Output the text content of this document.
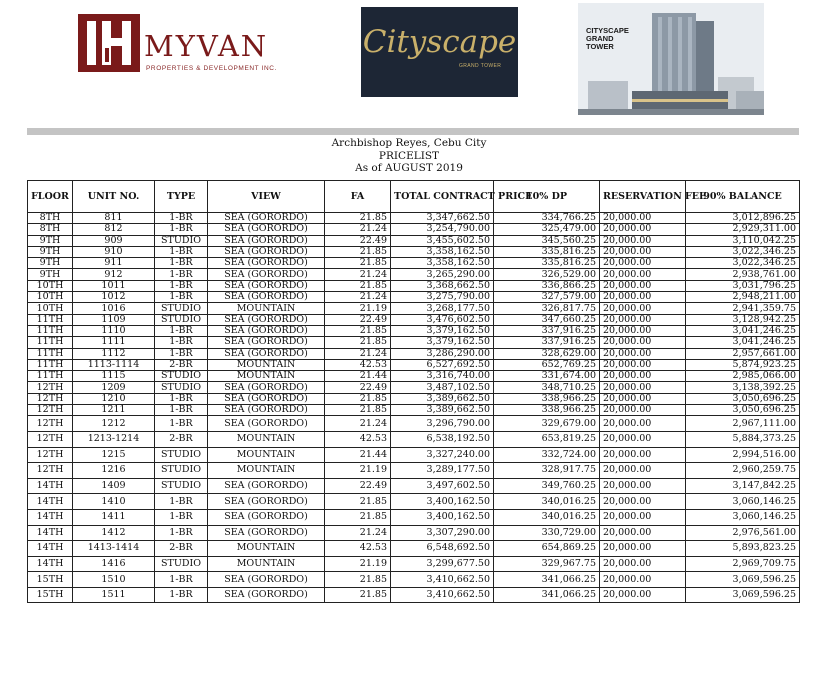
MYVAN
PROPERTIES & DEVELOPMENT INC.
Cityscape
GRAND TOWER
CITYSCAPE
GRAND
TOWER
Archbishop Reyes, Cebu City
PRICELIST
As of AUGUST 2019
FLOOR	UNIT NO.	TYPE	VIEW	FA	TOTAL CONTRACT PRICE	10% DP	RESERVATION FEE	90% BALANCE
8TH	811	1-BR	SEA (GORORDO)	21.85	3,347,662.50	334,766.25	20,000.00	3,012,896.25
8TH	812	1-BR	SEA (GORORDO)	21.24	3,254,790.00	325,479.00	20,000.00	2,929,311.00
9TH	909	STUDIO	SEA (GORORDO)	22.49	3,455,602.50	345,560.25	20,000.00	3,110,042.25
9TH	910	1-BR	SEA (GORORDO)	21.85	3,358,162.50	335,816.25	20,000.00	3,022,346.25
9TH	911	1-BR	SEA (GORORDO)	21.85	3,358,162.50	335,816.25	20,000.00	3,022,346.25
9TH	912	1-BR	SEA (GORORDO)	21.24	3,265,290.00	326,529.00	20,000.00	2,938,761.00
10TH	1011	1-BR	SEA (GORORDO)	21.85	3,368,662.50	336,866.25	20,000.00	3,031,796.25
10TH	1012	1-BR	SEA (GORORDO)	21.24	3,275,790.00	327,579.00	20,000.00	2,948,211.00
10TH	1016	STUDIO	MOUNTAIN	21.19	3,268,177.50	326,817.75	20,000.00	2,941,359.75
11TH	1109	STUDIO	SEA (GORORDO)	22.49	3,476,602.50	347,660.25	20,000.00	3,128,942.25
11TH	1110	1-BR	SEA (GORORDO)	21.85	3,379,162.50	337,916.25	20,000.00	3,041,246.25
11TH	1111	1-BR	SEA (GORORDO)	21.85	3,379,162.50	337,916.25	20,000.00	3,041,246.25
11TH	1112	1-BR	SEA (GORORDO)	21.24	3,286,290.00	328,629.00	20,000.00	2,957,661.00
11TH	1113-1114	2-BR	MOUNTAIN	42.53	6,527,692.50	652,769.25	20,000.00	5,874,923.25
11TH	1115	STUDIO	MOUNTAIN	21.44	3,316,740.00	331,674.00	20,000.00	2,985,066.00
12TH	1209	STUDIO	SEA (GORORDO)	22.49	3,487,102.50	348,710.25	20,000.00	3,138,392.25
12TH	1210	1-BR	SEA (GORORDO)	21.85	3,389,662.50	338,966.25	20,000.00	3,050,696.25
12TH	1211	1-BR	SEA (GORORDO)	21.85	3,389,662.50	338,966.25	20,000.00	3,050,696.25
12TH	1212	1-BR	SEA (GORORDO)	21.24	3,296,790.00	329,679.00	20,000.00	2,967,111.00
12TH	1213-1214	2-BR	MOUNTAIN	42.53	6,538,192.50	653,819.25	20,000.00	5,884,373.25
12TH	1215	STUDIO	MOUNTAIN	21.44	3,327,240.00	332,724.00	20,000.00	2,994,516.00
12TH	1216	STUDIO	MOUNTAIN	21.19	3,289,177.50	328,917.75	20,000.00	2,960,259.75
14TH	1409	STUDIO	SEA (GORORDO)	22.49	3,497,602.50	349,760.25	20,000.00	3,147,842.25
14TH	1410	1-BR	SEA (GORORDO)	21.85	3,400,162.50	340,016.25	20,000.00	3,060,146.25
14TH	1411	1-BR	SEA (GORORDO)	21.85	3,400,162.50	340,016.25	20,000.00	3,060,146.25
14TH	1412	1-BR	SEA (GORORDO)	21.24	3,307,290.00	330,729.00	20,000.00	2,976,561.00
14TH	1413-1414	2-BR	MOUNTAIN	42.53	6,548,692.50	654,869.25	20,000.00	5,893,823.25
14TH	1416	STUDIO	MOUNTAIN	21.19	3,299,677.50	329,967.75	20,000.00	2,969,709.75
15TH	1510	1-BR	SEA (GORORDO)	21.85	3,410,662.50	341,066.25	20,000.00	3,069,596.25
15TH	1511	1-BR	SEA (GORORDO)	21.85	3,410,662.50	341,066.25	20,000.00	3,069,596.25
